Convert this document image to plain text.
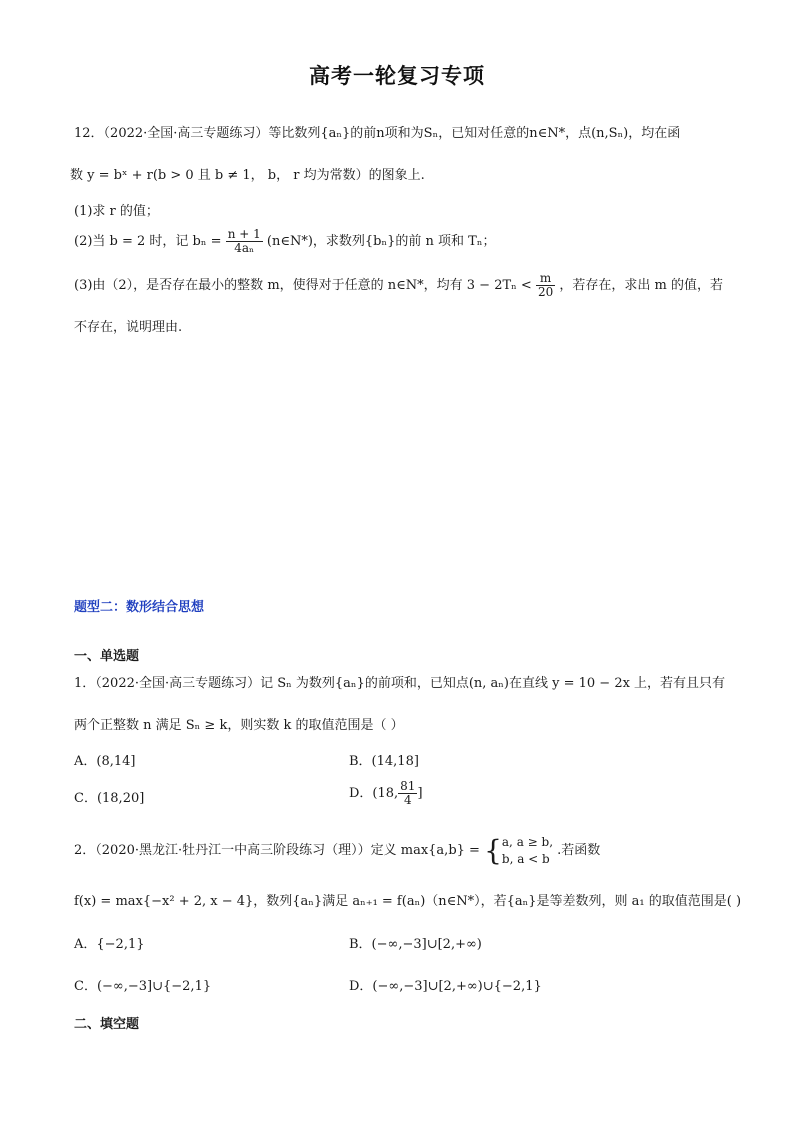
高考一轮复习专项
12．（2022·全国·高三专题练习）等比数列{aₙ}的前n项和为Sₙ，已知对任意的n∈N*，点(n,Sₙ)，均在函
数 y = bˣ + r(b > 0 且 b ≠ 1， b， r 均为常数）的图象上.
(1)求 r 的值；
(2)当 b = 2 时，记 $b_n = \frac{n + 1}{\text{4aₙ}}$ (n∈N*)，求数列{bₙ}的前 n 项和 Tₙ；
(3)由（2），是否存在最小的整数 m，使得对于任意的 n∈N*，均有 $3 - 2T_n < \frac{m}{20}$ ，若存在，求出 m 的值，若
不存在，说明理由.
题型二：数形结合思想
一、单选题
1．（2022·全国·高三专题练习）记 Sₙ 为数列{aₙ}的前项和，已知点(n, aₙ)在直线 y = 10 − 2x 上，若有且只有
两个正整数 n 满足 Sₙ ≥ k，则实数 k 的取值范围是（ ）
A．(8,14]	B．(14,18]
C．(18,20]	D．(18, $\frac{81}{4}$ ]
2．（2020·黑龙江·牡丹江一中高三阶段练习（理））定义 max{a,b} = { a, a ≥ b,
b, a < b
.若函数
f(x) = max{−x² + 2, x − 4}，数列{aₙ}满足 aₙ₊₁ = f(aₙ)（n∈N*），若{aₙ}是等差数列，则 a₁ 的取值范围是( )
A．{−2,1}	B．(−∞,−3]∪[2,+∞)
C．(−∞,−3]∪{−2,1}	D．(−∞,−3]∪[2,+∞)∪{−2,1}
二、填空题
